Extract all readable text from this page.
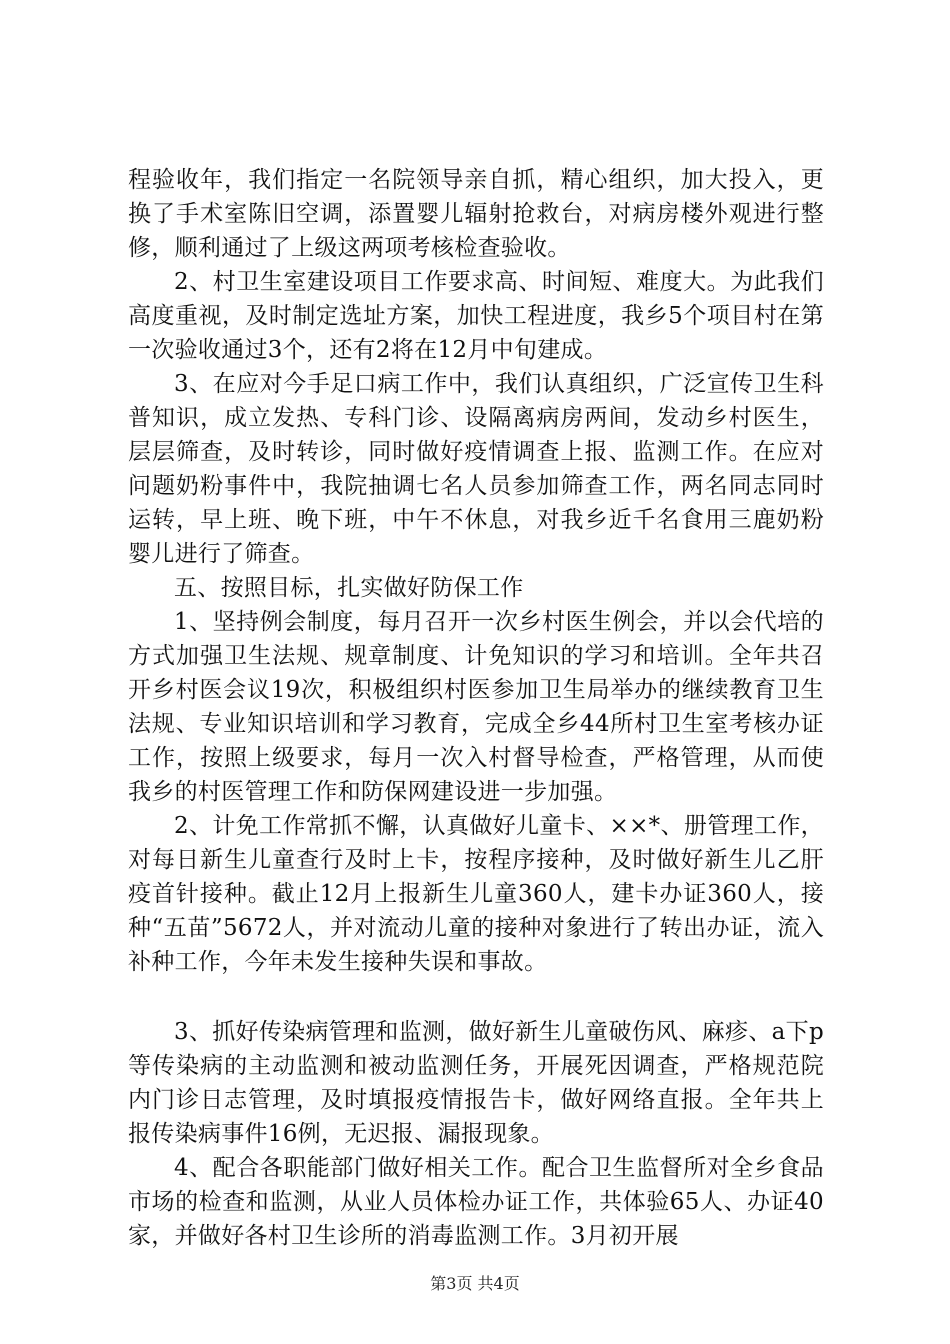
程验收年，我们指定一名院领导亲自抓，精心组织，加大投入，更换了手术室陈旧空调，添置婴儿辐射抢救台，对病房楼外观进行整修，顺利通过了上级这两项考核检查验收。

2、村卫生室建设项目工作要求高、时间短、难度大。为此我们高度重视，及时制定选址方案，加快工程进度，我乡5个项目村在第一次验收通过3个，还有2将在12月中旬建成。

3、在应对今手足口病工作中，我们认真组织，广泛宣传卫生科普知识，成立发热、专科门诊、设隔离病房两间，发动乡村医生，层层筛查，及时转诊，同时做好疫情调查上报、监测工作。在应对问题奶粉事件中，我院抽调七名人员参加筛查工作，两名同志同时运转，早上班、晚下班，中午不休息，对我乡近千名食用三鹿奶粉婴儿进行了筛查。

五、按照目标，扎实做好防保工作

1、坚持例会制度，每月召开一次乡村医生例会，并以会代培的方式加强卫生法规、规章制度、计免知识的学习和培训。全年共召开乡村医会议19次，积极组织村医参加卫生局举办的继续教育卫生法规、专业知识培训和学习教育，完成全乡44所村卫生室考核办证工作，按照上级要求，每月一次入村督导检查，严格管理，从而使我乡的村医管理工作和防保网建设进一步加强。

2、计免工作常抓不懈，认真做好儿童卡、××*、册管理工作，对每日新生儿童查行及时上卡，按程序接种，及时做好新生儿乙肝疫首针接种。截止12月上报新生儿童360人，建卡办证360人，接种“五苗”5672人，并对流动儿童的接种对象进行了转出办证，流入补种工作，今年未发生接种失误和事故。

3、抓好传染病管理和监测，做好新生儿童破伤风、麻疹、a下p等传染病的主动监测和被动监测任务，开展死因调查，严格规范院内门诊日志管理，及时填报疫情报告卡，做好网络直报。全年共上报传染病事件16例，无迟报、漏报现象。

4、配合各职能部门做好相关工作。配合卫生监督所对全乡食品市场的检查和监测，从业人员体检办证工作，共体验65人、办证40家，并做好各村卫生诊所的消毒监测工作。3月初开展

第3页 共4页
